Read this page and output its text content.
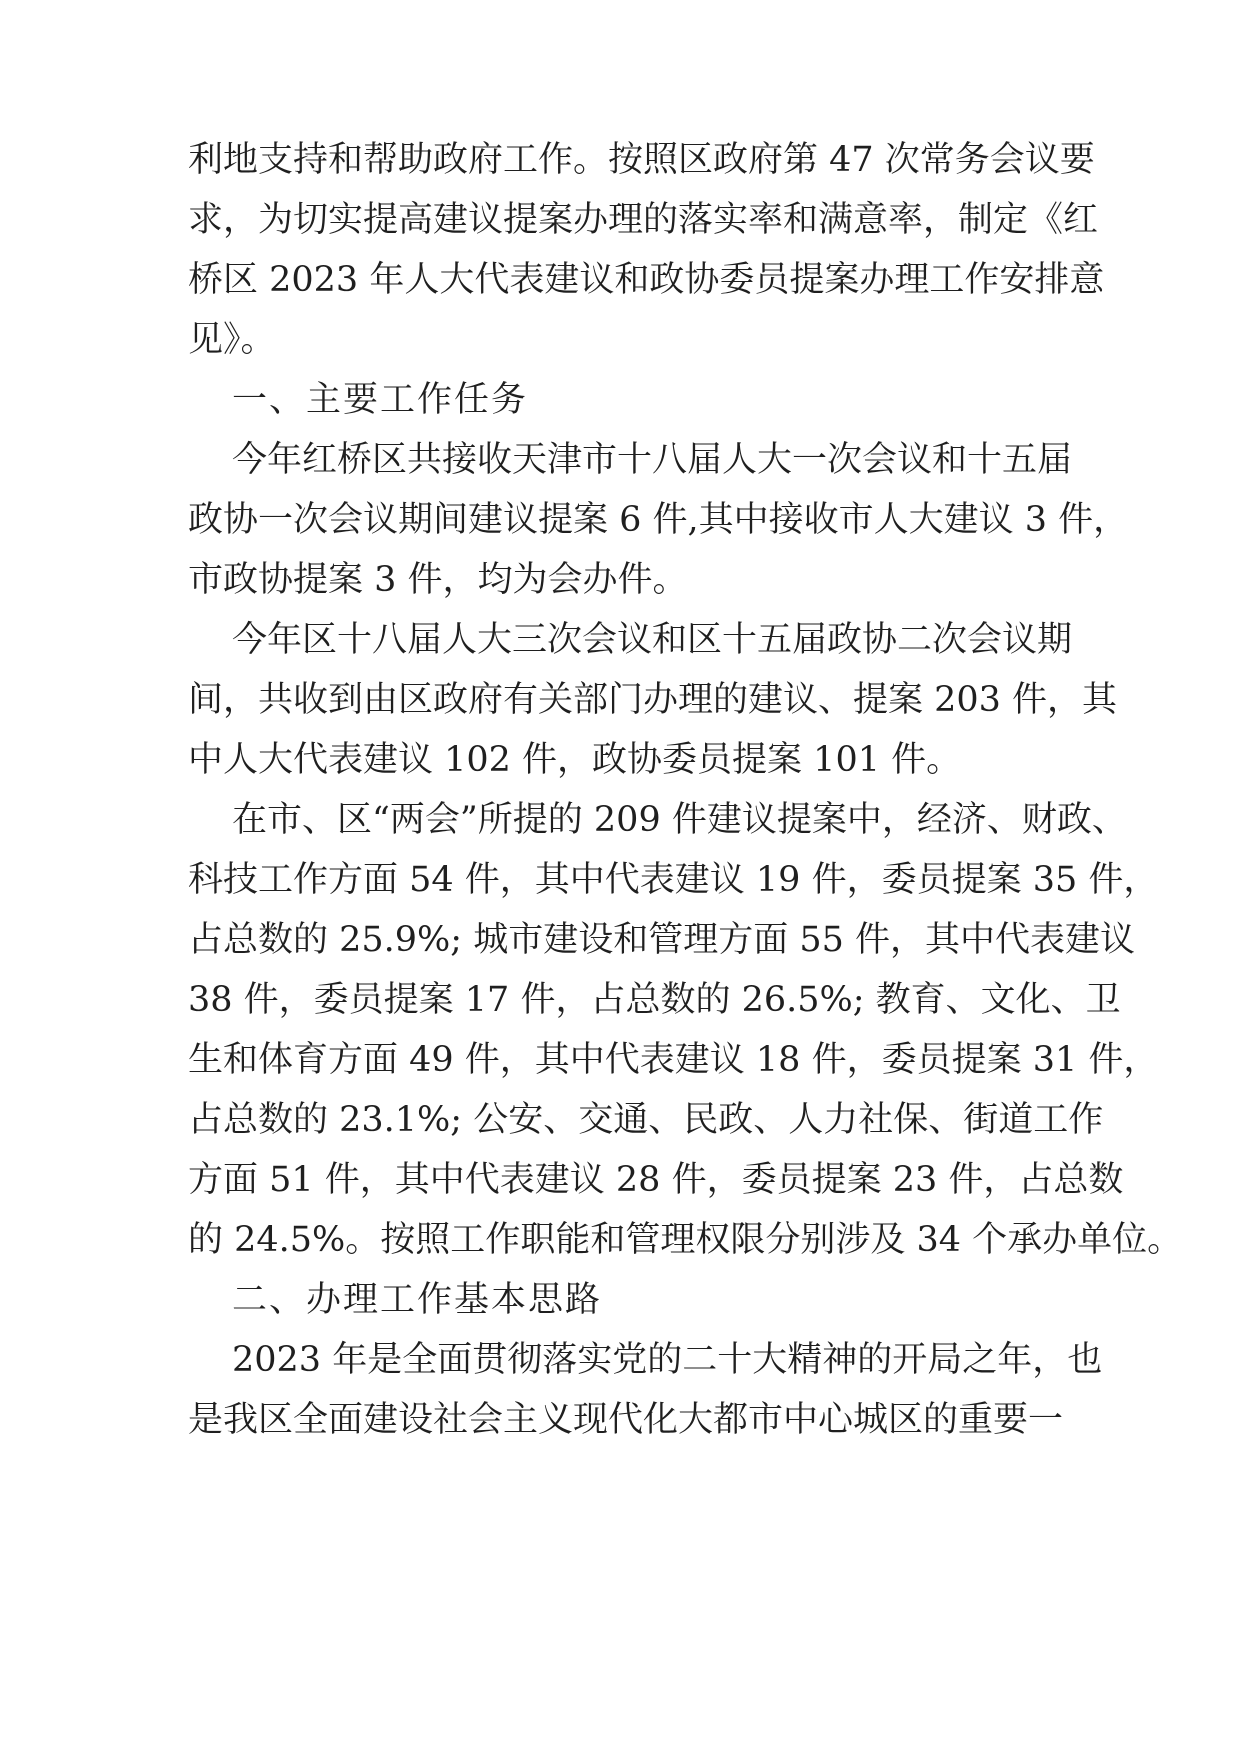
利地支持和帮助政府工作。按照区政府第 47 次常务会议要
求，为切实提高建议提案办理的落实率和满意率，制定《红
桥区 2023 年人大代表建议和政协委员提案办理工作安排意
见》。
一、主要工作任务
今年红桥区共接收天津市十八届人大一次会议和十五届
政协一次会议期间建议提案 6 件,其中接收市人大建议 3 件，
市政协提案 3 件，均为会办件。
今年区十八届人大三次会议和区十五届政协二次会议期
间，共收到由区政府有关部门办理的建议、提案 203 件，其
中人大代表建议 102 件，政协委员提案 101 件。
在市、区“两会”所提的 209 件建议提案中，经济、财政、
科技工作方面 54 件，其中代表建议 19 件，委员提案 35 件，
占总数的 25.9%; 城市建设和管理方面 55 件，其中代表建议
38 件，委员提案 17 件，占总数的 26.5%; 教育、文化、卫
生和体育方面 49 件，其中代表建议 18 件，委员提案 31 件，
占总数的 23.1%; 公安、交通、民政、人力社保、街道工作
方面 51 件，其中代表建议 28 件，委员提案 23 件，占总数
的 24.5%。按照工作职能和管理权限分别涉及 34 个承办单位。
二、办理工作基本思路
2023 年是全面贯彻落实党的二十大精神的开局之年，也
是我区全面建设社会主义现代化大都市中心城区的重要一
